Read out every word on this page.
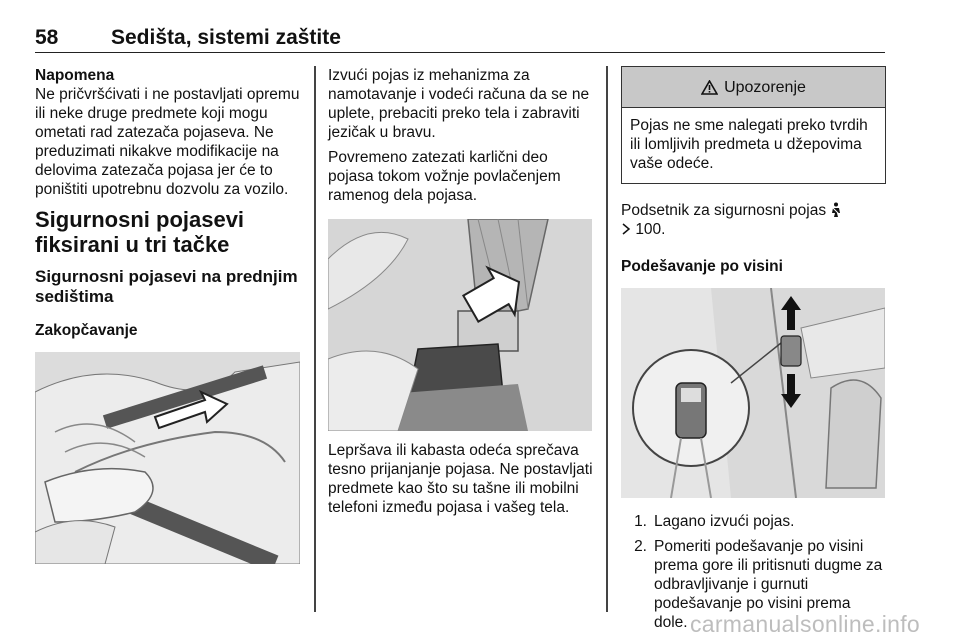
58	Sedišta, sistemi zaštite
Napomena

Ne pričvršćivati i ne postavljati opremu ili neke druge predmete koji mogu ometati rad zatezača pojaseva. Ne preduzimati nikakve modifikacije na delovima zatezača pojasa jer će to poništiti upotrebnu dozvolu za vozilo.

Sigurnosni pojasevi fiksirani u tri tačke
Sigurnosni pojasevi na prednjim sedištima
Zakopčavanje

Izvući pojas iz mehanizma za namotavanje i vodeći računa da se ne uplete, prebaciti preko tela i zabraviti jezičak u bravu.

Povremeno zatezati karlični deo pojasa tokom vožnje povlačenjem ramenog dela pojasa.

Lepršava ili kabasta odeća sprečava tesno prijanjanje pojasa. Ne postavljati predmete kao što su tašne ili mobilni telefoni između pojasa i vašeg tela.

Upozorenje
Pojas ne sme nalegati preko tvrdih ili lomljivih predmeta u džepovima vaše odeće.

Podsetnik za sigurnosni pojas

100.

Podešavanje po visini
1. Lagano izvući pojas.
2. Pomeriti podešavanje po visini prema gore ili pritisnuti dugme za odbravljivanje i gurnuti podešavanje po visini prema dole. carmanualsonline.info
